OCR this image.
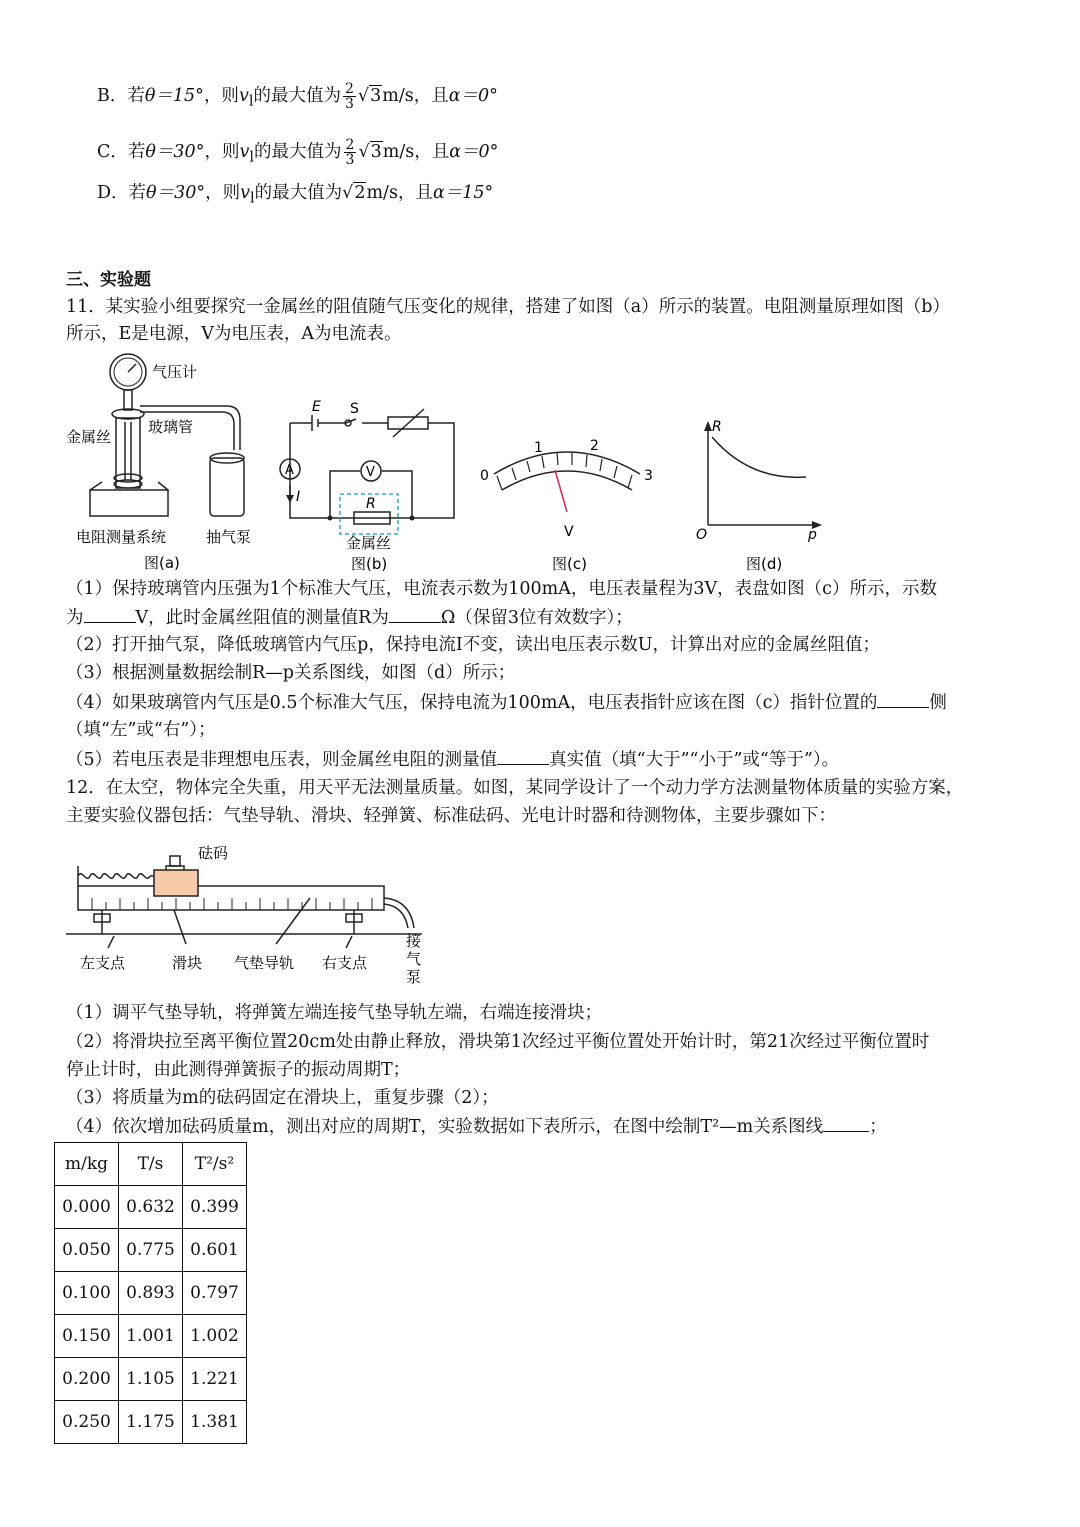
B．若θ＝15°，则$v_l$的最大值为 $\frac{2}{3} √3m/s$，且α＝0°
C．若θ＝30°，则$v_l$的最大值为 $\frac{2}{3} √3m/s$，且α＝0°
D．若θ＝30°，则$v_l$的最大值为√2m/s，且α＝15°
三、实验题
11．某实验小组要探究一金属丝的阻值随气压变化的规律，搭建了如图（a）所示的装置。电阻测量原理如图（b）
所示，E是电源，V为电压表，A为电流表。
气压计
玻璃管
金属丝
电阻测量系统	抽气泵
图(a)
E S
A	V
I	R
金属丝
图(b)
0
1	2
3
V
图(c)
R
O	p
图(d)
（1）保持玻璃管内压强为1个标准大气压，电流表示数为100mA，电压表量程为3V，表盘如图（c）所示，示数
为	V，此时金属丝阻值的测量值R为	Ω（保留3位有效数字）；
（2）打开抽气泵，降低玻璃管内气压p，保持电流I不变，读出电压表示数U，计算出对应的金属丝阻值；
（3）根据测量数据绘制R—p关系图线，如图（d）所示；
（4）如果玻璃管内气压是0.5个标准大气压，保持电流为100mA，电压表指针应该在图（c）指针位置的	侧
（填“左”或“右”）；
（5）若电压表是非理想电压表，则金属丝电阻的测量值	真实值（填“大于”“小于”或“等于”）。
12．在太空，物体完全失重，用天平无法测量质量。如图，某同学设计了一个动力学方法测量物体质量的实验方案，
主要实验仪器包括：气垫导轨、滑块、轻弹簧、标准砝码、光电计时器和待测物体，主要步骤如下：
砝码
左支点	滑块 气垫导轨 右支点
接
气
泵
（1）调平气垫导轨，将弹簧左端连接气垫导轨左端，右端连接滑块；
（2）将滑块拉至离平衡位置20cm处由静止释放，滑块第1次经过平衡位置处开始计时，第21次经过平衡位置时
停止计时，由此测得弹簧振子的振动周期T；
（3）将质量为m的砝码固定在滑块上，重复步骤（2）；
（4）依次增加砝码质量m，测出对应的周期T，实验数据如下表所示，在图中绘制T²—m关系图线	；
m/kg	T/s	T²/s²
0.000	0.632	0.399
0.050	0.775	0.601
0.100	0.893	0.797
0.150	1.001	1.002
0.200	1.105	1.221
0.250	1.175	1.381
